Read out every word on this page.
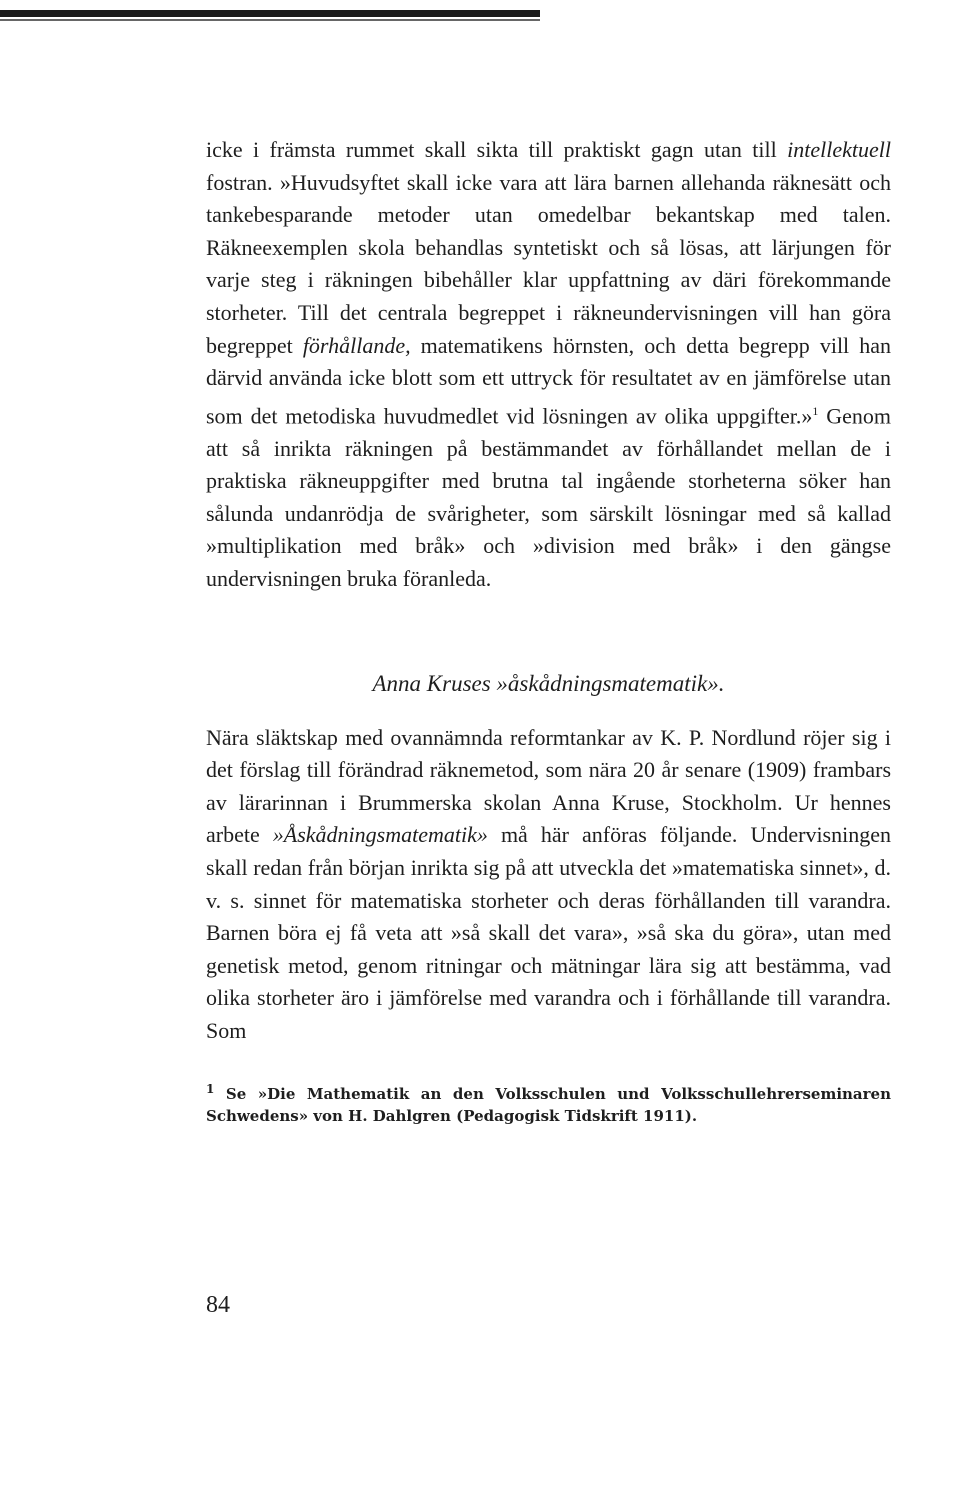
icke i främsta rummet skall sikta till praktiskt gagn utan till intellektuell fostran. »Huvudsyftet skall icke vara att lära barnen allehanda räknesätt och tankebesparande metoder utan omedelbar bekantskap med talen. Räkneexemplen skola behandlas syntetiskt och så lösas, att lärjungen för varje steg i räkningen bibehåller klar uppfattning av däri förekommande storheter. Till det centrala begreppet i räkneundervisningen vill han göra begreppet förhållande, matematikens hörnsten, och detta begrepp vill han därvid använda icke blott som ett uttryck för resultatet av en jämförelse utan som det metodiska huvudmedlet vid lösningen av olika uppgifter.»$^1$ Genom att så inrikta räkningen på bestämmandet av förhållandet mellan de i praktiska räkneuppgifter med brutna tal ingående storheterna söker han sålunda undanrödja de svårigheter, som särskilt lösningar med så kallad »multiplikation med bråk» och »division med bråk» i den gängse undervisningen bruka föranleda.

Anna Kruses »åskådningsmatematik».

Nära släktskap med ovannämnda reformtankar av K. P. Nordlund röjer sig i det förslag till förändrad räknemetod, som nära 20 år senare (1909) frambars av lärarinnan i Brummerska skolan Anna Kruse, Stockholm. Ur hennes arbete »Åskådningsmatematik» må här anföras följande. Undervisningen skall redan från början inrikta sig på att utveckla det »matematiska sinnet», d. v. s. sinnet för matematiska storheter och deras förhållanden till varandra. Barnen böra ej få veta att »så skall det vara», »så ska du göra», utan med genetisk metod, genom ritningar och mätningar lära sig att bestämma, vad olika storheter äro i jämförelse med varandra och i förhållande till varandra. Som

$^1$ Se »Die Mathematik an den Volksschulen und Volksschullehrerseminaren Schwedens» von H. Dahlgren (Pedagogisk Tidskrift 1911).

84
